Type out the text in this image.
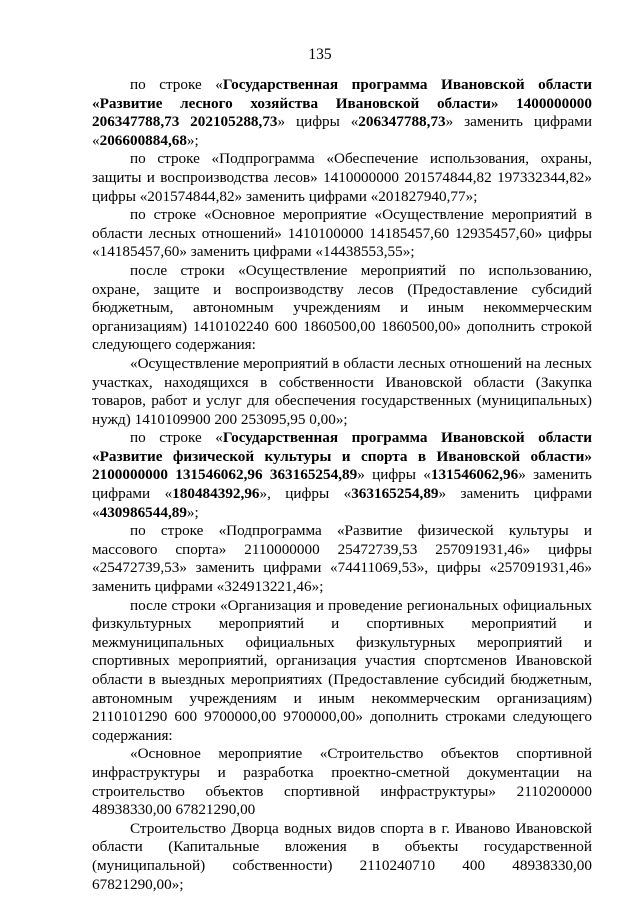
135

по строке «Государственная программа Ивановской области «Развитие лесного хозяйства Ивановской области» 1400000000 206347788,73 202105288,73» цифры «206347788,73» заменить цифрами «206600884,68»;

по строке «Подпрограмма «Обеспечение использования, охраны, защиты и воспроизводства лесов» 1410000000 201574844,82 197332344,82» цифры «201574844,82» заменить цифрами «201827940,77»;

по строке «Основное мероприятие «Осуществление мероприятий в области лесных отношений» 1410100000 14185457,60 12935457,60» цифры «14185457,60» заменить цифрами «14438553,55»;

после строки «Осуществление мероприятий по использованию, охране, защите и воспроизводству лесов (Предоставление субсидий бюджетным, автономным учреждениям и иным некоммерческим организациям) 1410102240 600 1860500,00 1860500,00» дополнить строкой следующего содержания:

«Осуществление мероприятий в области лесных отношений на лесных участках, находящихся в собственности Ивановской области (Закупка товаров, работ и услуг для обеспечения государственных (муниципальных) нужд) 1410109900 200 253095,95 0,00»;

по строке «Государственная программа Ивановской области «Развитие физической культуры и спорта в Ивановской области» 2100000000 131546062,96 363165254,89» цифры «131546062,96» заменить цифрами «180484392,96», цифры «363165254,89» заменить цифрами «430986544,89»;

по строке «Подпрограмма «Развитие физической культуры и массового спорта» 2110000000 25472739,53 257091931,46» цифры «25472739,53» заменить цифрами «74411069,53», цифры «257091931,46» заменить цифрами «324913221,46»;

после строки «Организация и проведение региональных официальных физкультурных мероприятий и спортивных мероприятий и межмуниципальных официальных физкультурных мероприятий и спортивных мероприятий, организация участия спортсменов Ивановской области в выездных мероприятиях (Предоставление субсидий бюджетным, автономным учреждениям и иным некоммерческим организациям) 2110101290 600 9700000,00 9700000,00» дополнить строками следующего содержания:

«Основное мероприятие «Строительство объектов спортивной инфраструктуры и разработка проектно-сметной документации на строительство объектов спортивной инфраструктуры» 2110200000 48938330,00 67821290,00

Строительство Дворца водных видов спорта в г. Иваново Ивановской области (Капитальные вложения в объекты государственной (муниципальной) собственности) 2110240710 400 48938330,00 67821290,00»;
